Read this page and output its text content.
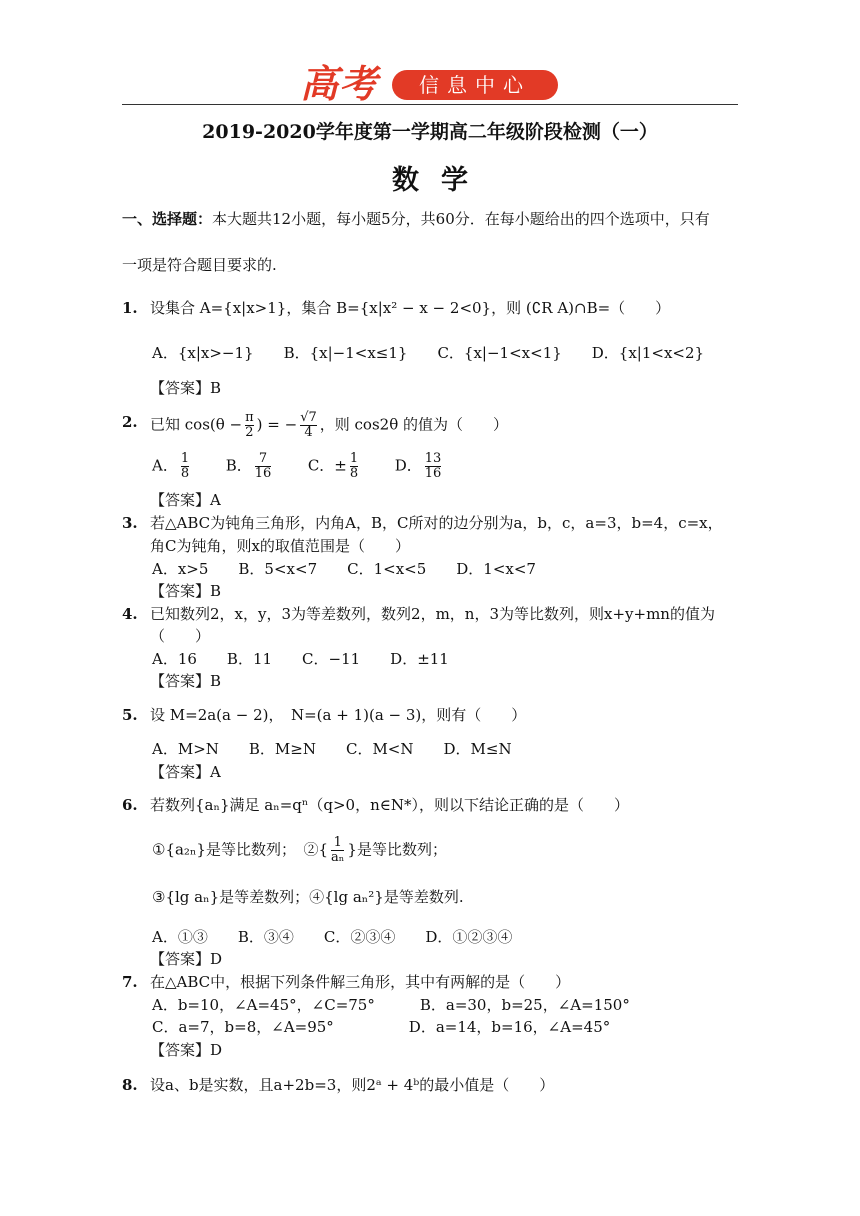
高考	信息中心
2019-2020学年度第一学期高二年级阶段检测（一）
数学
一、选择题：本大题共12小题，每小题5分，共60分．在每小题给出的四个选项中，只有
一项是符合题目要求的.
1. 设集合 A={x|x>1}，集合 B={x|x² − x − 2<0}，则 (∁R A)∩B=（　　）
A．{x|x>−1}　　B．{x|−1<x≤1}　　C．{x|−1<x<1}　　D．{x|1<x<2}
【答案】B
2. 已知 $\cos(\theta - \frac{\pi}{2}$ ) = − $\frac{√7}{4}$ ，则 cos2θ 的值为（　　）
A． $\frac{1}{8}$ B． $\frac{7}{16}$ C．± $\frac{1}{8}$ D． $\frac{13}{16}$
【答案】A
3. 若△ABC为钝角三角形，内角A，B，C所对的边分别为a，b，c，a=3，b=4，c=x，
角C为钝角，则x的取值范围是（　　）
A．x>5　　B．5<x<7　　C．1<x<5　　D．1<x<7
【答案】B
4. 已知数列2，x，y，3为等差数列，数列2，m，n，3为等比数列，则x+y+mn的值为
（　　）
A．16　　B．11　　C．−11　　D．±11
【答案】B
5. 设 M=2a(a − 2)，　N=(a + 1)(a − 3)，则有（　　）
A．M>N　　B．M≥N　　C．M<N　　D．M≤N
【答案】A
6. 若数列{aₙ}满足 aₙ=qⁿ（q>0，n∈N*），则以下结论正确的是（　　）
①{a₂ₙ}是等比数列；　②{ $\frac{1}{\text{aₙ}}$ }是等比数列；
③{lg aₙ}是等差数列；④{lg aₙ²}是等差数列.
A．①③　　B．③④　　C．②③④　　D．①②③④
【答案】D
7. 在△ABC中，根据下列条件解三角形，其中有两解的是（　　）
A．b=10，∠A=45°，∠C=75°　　　B．a=30，b=25，∠A=150°
C．a=7，b=8，∠A=95°　　　　　D．a=14，b=16，∠A=45°
【答案】D
8. 设a、b是实数，且a+2b=3，则2ᵃ + 4ᵇ的最小值是（　　）
